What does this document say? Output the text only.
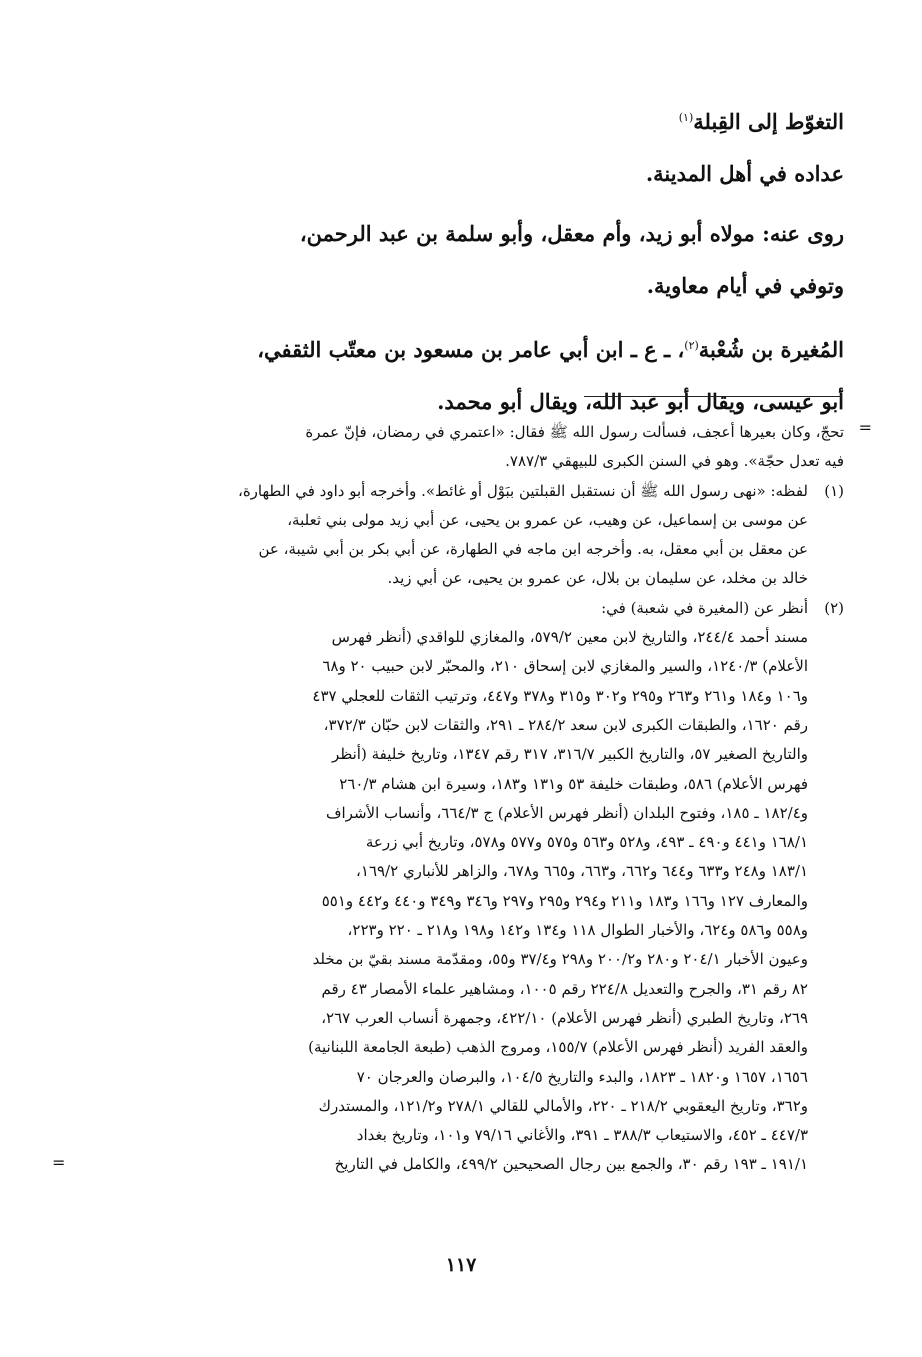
التغوّط إلى القِبلة$^{(١)}$

عداده في أهل المدينة.

روى عنه: مولاه أبو زيد، وأم معقل، وأبو سلمة بن عبد الرحمن،

وتوفي في أيام معاوية.

المُغيرة بن شُعْبة$^{(٢)}$، ـ ع ـ ابن أبي عامر بن مسعود بن معتّب الثقفي،

أبو عيسى، ويقال أبو عبد الله، ويقال أبو محمد.

=

تحجّ، وكان بعيرها أعجف، فسألت رسول الله ﷺ فقال: «اعتمري في رمضان، فإنّ عمرة

فيه تعدل حجّة». وهو في السنن الكبرى للبيهقي ٧٨٧/٣.

(١)
لفظه: «نهى رسول الله ﷺ أن نستقبل القبلتين ببَوْل أو غائط». وأخرجه أبو داود في الطهارة،

عن موسى بن إسماعيل، عن وهيب، عن عمرو بن يحيى، عن أبي زيد مولى بني ثعلبة،

عن معقل بن أبي معقل، به. وأخرجه ابن ماجه في الطهارة، عن أبي بكر بن أبي شيبة، عن

خالد بن مخلد، عن سليمان بن بلال، عن عمرو بن يحيى، عن أبي زيد.

(٢)
أنظر عن (المغيرة في شعبة) في:

مسند أحمد ٢٤٤/٤، والتاريخ لابن معين ٥٧٩/٢، والمغازي للواقدي (أنظر فهرس

الأعلام) ١٢٤٠/٣، والسير والمغازي لابن إسحاق ٢١٠، والمحبّر لابن حبيب ٢٠ و٦٨

و١٠٦ و١٨٤ و٢٦١ و٢٦٣ و٢٩٥ و٣٠٢ و٣١٥ و٣٧٨ و٤٤٧، وترتيب الثقات للعجلي ٤٣٧

رقم ١٦٢٠، والطبقات الكبرى لابن سعد ٢٨٤/٢ ـ ٢٩١، والثقات لابن حبّان ٣٧٢/٣،

والتاريخ الصغير ٥٧، والتاريخ الكبير ٣١٦/٧، ٣١٧ رقم ١٣٤٧، وتاريخ خليفة (أنظر

فهرس الأعلام) ٥٨٦، وطبقات خليفة ٥٣ و١٣١ و١٨٣، وسيرة ابن هشام ٢٦٠/٣

و١٨٢/٤ ـ ١٨٥، وفتوح البلدان (أنظر فهرس الأعلام) ج ٦٦٤/٣، وأنساب الأشراف

١٦٨/١ و٤٤١ و٤٩٠ ـ ٤٩٣، و٥٢٨ و٥٦٣ و٥٧٥ و٥٧٧ و٥٧٨، وتاريخ أبي زرعة

١٨٣/١ و٢٤٨ و٦٣٣ و٦٤٤ و٦٦٢، و٦٦٣، و٦٦٥ و٦٧٨، والزاهر للأنباري ١٦٩/٢،

والمعارف ١٢٧ و١٦٦ و١٨٣ و٢١١ و٢٩٤ و٢٩٥ و٢٩٧ و٣٤٦ و٣٤٩ و٤٤٠ و٤٤٢ و٥٥١

و٥٥٨ و٥٨٦ و٦٢٤، والأخبار الطوال ١١٨ و١٣٤ و١٤٢ و١٩٨ و٢١٨ ـ ٢٢٠ و٢٢٣،

وعيون الأخبار ٢٠٤/١ و٢٨٠ و٢٠٠/٢ و٢٩٨ و٣٧/٤ و٥٥، ومقدّمة مسند بقيّ بن مخلد

٨٢ رقم ٣١، والجرح والتعديل ٢٢٤/٨ رقم ١٠٠٥، ومشاهير علماء الأمصار ٤٣ رقم

٢٦٩، وتاريخ الطبري (أنظر فهرس الأعلام) ٤٢٢/١٠، وجمهرة أنساب العرب ٢٦٧،

والعقد الفريد (أنظر فهرس الأعلام) ١٥٥/٧، ومروج الذهب (طبعة الجامعة اللبنانية)

١٦٥٦، ١٦٥٧ و١٨٢٠ ـ ١٨٢٣، والبدء والتاريخ ١٠٤/٥، والبرصان والعرجان ٧٠

و٣٦٢، وتاريخ اليعقوبي ٢١٨/٢ ـ ٢٢٠، والأمالي للقالي ٢٧٨/١ و١٢١/٢، والمستدرك

٤٤٧/٣ ـ ٤٥٢، والاستيعاب ٣٨٨/٣ ـ ٣٩١، والأغاني ٧٩/١٦ و١٠١، وتاريخ بغداد

١٩١/١ ـ ١٩٣ رقم ٣٠، والجمع بين رجال الصحيحين ٤٩٩/٢، والكامل في التاريخ

=
١١٧
